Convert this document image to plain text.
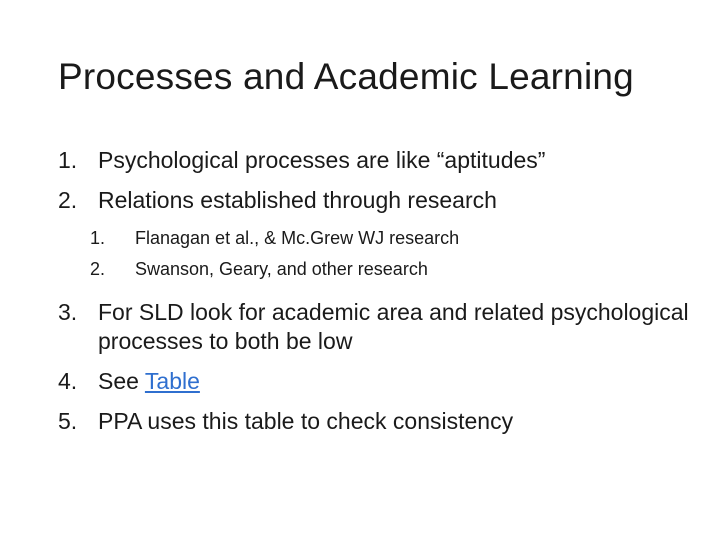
Processes and Academic Learning
1. Psychological processes are like “aptitudes”
2. Relations established through research
1. Flanagan et al., & Mc.Grew WJ research
2. Swanson, Geary, and other research
3. For SLD look for academic area and related psychological processes to both be low
4. See Table
5. PPA uses this table to check consistency
